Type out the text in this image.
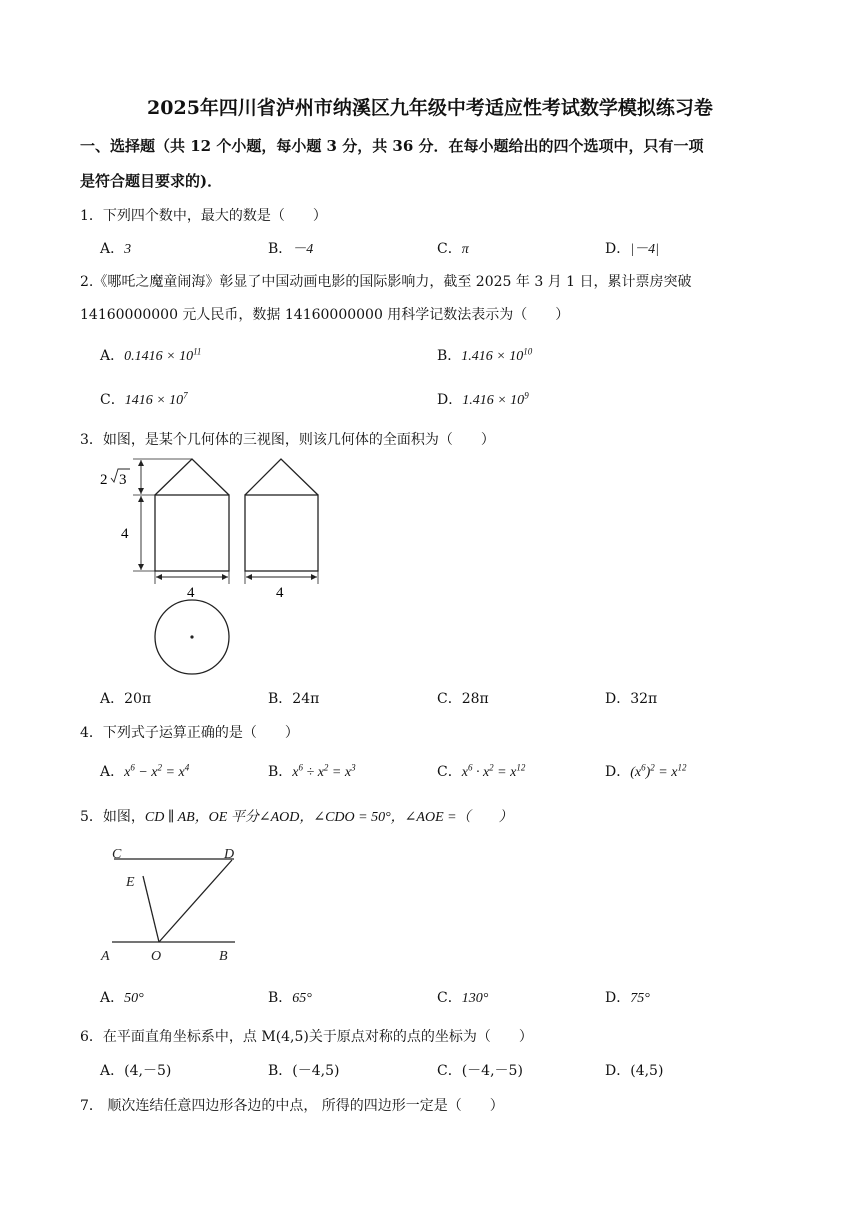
2025年四川省泸州市纳溪区九年级中考适应性考试数学模拟练习卷
一、选择题（共 12 个小题，每小题 3 分，共 36 分．在每小题给出的四个选项中，只有一项
是符合题目要求的)．
1．下列四个数中，最大的数是（　　）
A．3	B．－4	C．π	D．|－4|
2.《哪吒之魔童闹海》彰显了中国动画电影的国际影响力，截至 2025 年 3 月 1 日，累计票房突破
14160000000 元人民币，数据 14160000000 用科学记数法表示为（　　）
A．$0.1416 \times 10^{11}$	B．$1.416 \times 10^{10}$
C．$1416 \times 10^7$	D．$1.416 \times 10^9$
3．如图，是某个几何体的三视图，则该几何体的全面积为（　　）
2 3
4
4	4
A．20π	B．24π	C．28π	D．32π
4．下列式子运算正确的是（　　）
A．$x^6 - x^2 = x^4$	B．$x^6 \div x^2 = x^3$	C．$x^6 \cdot x^2 = x^{12}$	D．$(x^6)^2 = x^{12}$
5．如图，CD ∥ AB，OE 平分∠AOD，∠CDO = 50°，∠AOE =（　　）
C	D
E
A	O	B
A．50°	B．65°	C．130°	D．75°
6．在平面直角坐标系中，点 M(4,5)关于原点对称的点的坐标为（　　）
A．(4,－5)	B．(－4,5)	C．(－4,－5)	D．(4,5)
7． 顺次连结任意四边形各边的中点， 所得的四边形一定是（　　）
